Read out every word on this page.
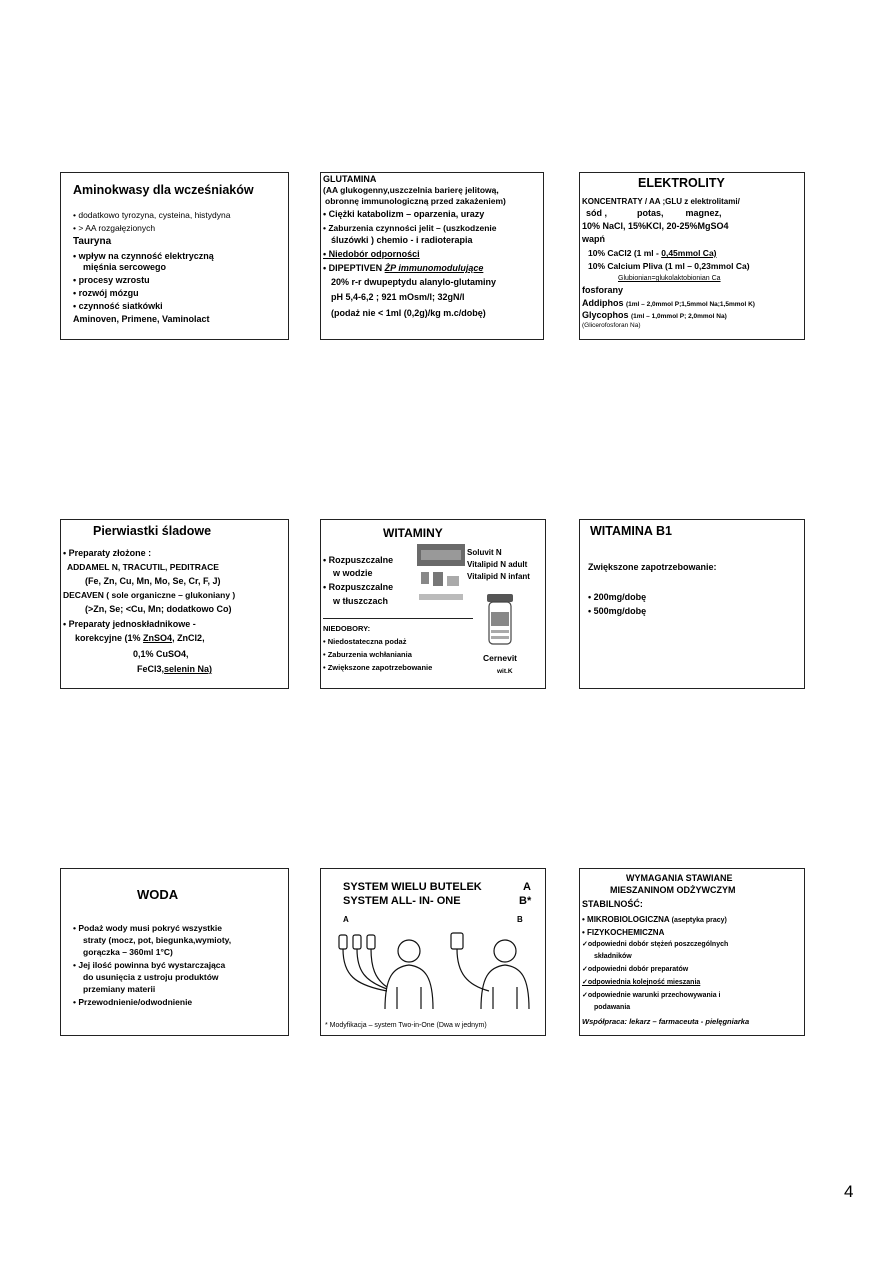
Aminokwasy dla wcześniaków
• dodatkowo tyrozyna, cysteina, histydyna
• > AA rozgałęzionych
Tauryna
• wpływ na czynność elektryczną
mięśnia sercowego
• procesy wzrostu
• rozwój mózgu
• czynność siatkówki
Aminoven, Primene, Vaminolact
GLUTAMINA
(AA glukogenny,uszczelnia barierę jelitową,
obronnę immunologiczną przed zakażeniem)
• Ciężki katabolizm – oparzenia, urazy
• Zaburzenia czynności jelit – (uszkodzenie
śluzówki ) chemio - i radioterapia
• Niedobór odporności
• DIPEPTIVEN ŻP immunomodulujące
20% r-r dwupeptydu alanylo-glutaminy
pH 5,4-6,2 ; 921 mOsm/l; 32gN/l
(podaż nie < 1ml (0,2g)/kg m.c/dobę)
ELEKTROLITY
KONCENTRATY / AA ;GLU z elektrolitami/
sód ,	potas, magnez,
10% NaCl, 15%KCl, 20-25%MgSO4
wapń
10% CaCl2 (1 ml - 0,45mmol Ca)
10% Calcium Pliva (1 ml – 0,23mmol Ca)
Glubionian=glukolaktobionian Ca
fosforany
Addiphos (1ml – 2,0mmol P;1,5mmol Na;1,5mmol K)
Glycophos (1ml – 1,0mmol P; 2,0mmol Na)
(Glicerofosforan Na)
Pierwiastki śladowe
• Preparaty złożone :
ADDAMEL N, TRACUTIL, PEDITRACE
(Fe, Zn, Cu, Mn, Mo, Se, Cr, F, J)
DECAVEN ( sole organiczne – glukoniany )
(>Zn, Se; <Cu, Mn; dodatkowo Co)
• Preparaty jednoskładnikowe -
korekcyjne (1% ZnSO4, ZnCl2,
0,1% CuSO4,
FeCl3,selenin Na)
WITAMINY
• Rozpuszczalne
w wodzie
• Rozpuszczalne
w tłuszczach
Soluvit N
Vitalipid N adult
Vitalipid N infant
NIEDOBORY:
• Niedostateczna podaż
• Zaburzenia wchłaniania
• Zwiększone zapotrzebowanie
Cernevit
wit.K
WITAMINA B1
Zwiększone zapotrzebowanie:
• 200mg/dobę
• 500mg/dobę
WODA
• Podaż wody musi pokryć wszystkie
straty (mocz, pot, biegunka,wymioty,
gorączka – 360ml 1°C)
• Jej ilość powinna być wystarczająca
do usunięcia z ustroju produktów
przemiany materii
• Przewodnienie/odwodnienie
SYSTEM WIELU BUTELEK	A
SYSTEM ALL- IN- ONE	B*
A	B
* Modyfikacja – system Two-in-One (Dwa w jednym)
WYMAGANIA STAWIANE
MIESZANINOM ODŻYWCZYM
STABILNOŚĆ:
• MIKROBIOLOGICZNA (aseptyka pracy)
• FIZYKOCHEMICZNA
✓odpowiedni dobór stężeń poszczególnych
składników
✓odpowiedni dobór preparatów
✓odpowiednia kolejność mieszania
✓odpowiednie warunki przechowywania i
podawania
Współpraca: lekarz – farmaceuta - pielęgniarka
4
